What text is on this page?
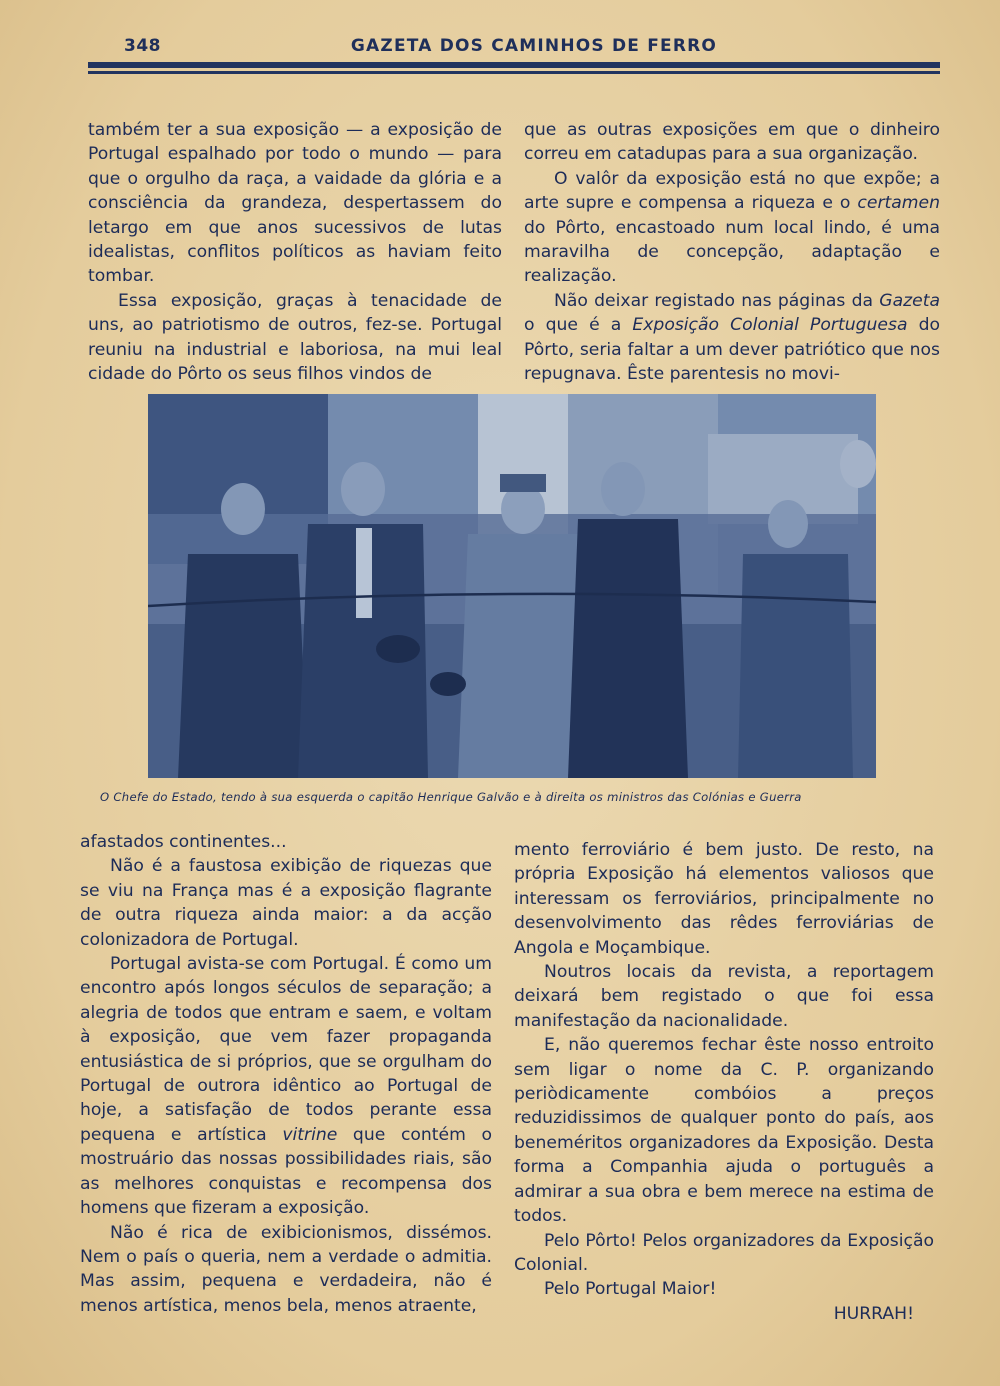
348	GAZETA DOS CAMINHOS DE FERRO

também ter a sua exposição — a exposição de Portugal espalhado por todo o mundo — para que o orgulho da raça, a vaidade da glória e a consciência da grandeza, despertassem do letargo em que anos sucessivos de lutas idealistas, conflitos políticos as haviam feito tombar.

Essa exposição, graças à tenacidade de uns, ao patriotismo de outros, fez-se. Portugal reuniu na industrial e laboriosa, na mui leal cidade do Pôrto os seus filhos vindos de

que as outras exposições em que o dinheiro correu em catadupas para a sua organização.

O valôr da exposição está no que expõe; a arte supre e compensa a riqueza e o certamen do Pôrto, encastoado num local lindo, é uma maravilha de concepção, adaptação e realização.

Não deixar registado nas páginas da Gazeta o que é a Exposição Colonial Portuguesa do Pôrto, seria faltar a um dever patriótico que nos repugnava. Êste parentesis no movi-

O Chefe do Estado, tendo à sua esquerda o capitão Henrique Galvão e à direita os ministros das Colónias e Guerra

afastados continentes...

Não é a faustosa exibição de riquezas que se viu na França mas é a exposição flagrante de outra riqueza ainda maior: a da acção colonizadora de Portugal.

Portugal avista-se com Portugal. É como um encontro após longos séculos de separação; a alegria de todos que entram e saem, e voltam à exposição, que vem fazer propaganda entusiástica de si próprios, que se orgulham do Portugal de outrora idêntico ao Portugal de hoje, a satisfação de todos perante essa pequena e artística vitrine que contém o mostruário das nossas possibilidades riais, são as melhores conquistas e recompensa dos homens que fizeram a exposição.

Não é rica de exibicionismos, dissémos. Nem o país o queria, nem a verdade o admitia. Mas assim, pequena e verdadeira, não é menos artística, menos bela, menos atraente,

mento ferroviário é bem justo. De resto, na própria Exposição há elementos valiosos que interessam os ferroviários, principalmente no desenvolvimento das rêdes ferroviárias de Angola e Moçambique.

Noutros locais da revista, a reportagem deixará bem registado o que foi essa manifestação da nacionalidade.

E, não queremos fechar êste nosso entroito sem ligar o nome da C. P. organizando periòdicamente combóios a preços reduzidissimos de qualquer ponto do país, aos beneméritos organizadores da Exposição. Desta forma a Companhia ajuda o português a admirar a sua obra e bem merece na estima de todos.

Pelo Pôrto! Pelos organizadores da Exposição Colonial.

Pelo Portugal Maior!

HURRAH!
